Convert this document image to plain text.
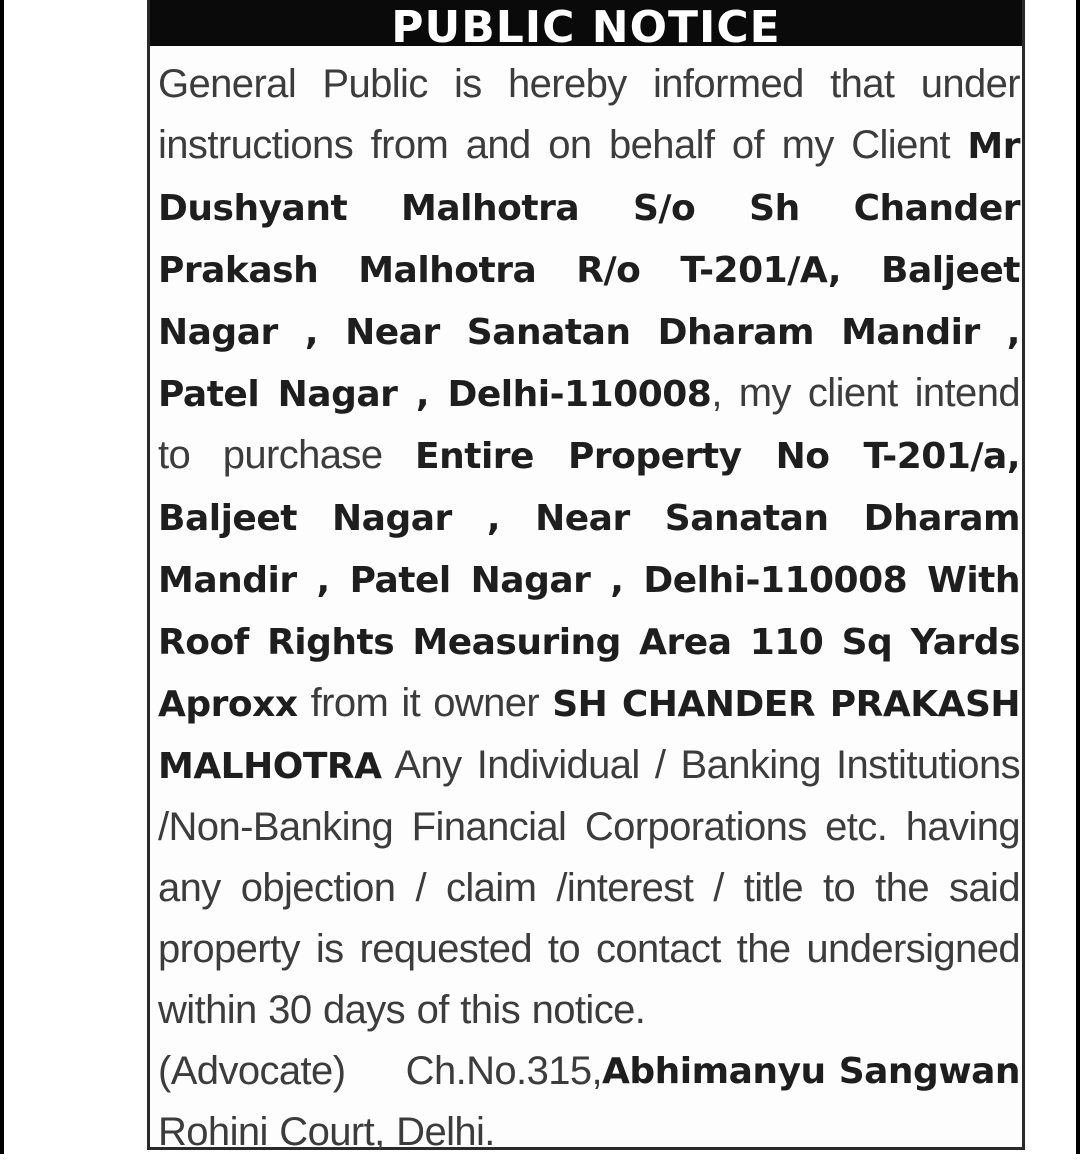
PUBLIC NOTICE
General Public is hereby informed that under instructions from and on behalf of my Client Mr Dushyant Malhotra S/o Sh Chander Prakash Malhotra R/o T-201/A, Baljeet Nagar , Near Sanatan Dharam Mandir , Patel Nagar , Delhi-110008, my client intend to purchase Entire Property No T-201/a, Baljeet Nagar , Near Sanatan Dharam Mandir , Patel Nagar , Delhi-110008 With Roof Rights Measuring Area 110 Sq Yards Aproxx from it owner SH CHANDER PRAKASH MALHOTRA Any Individual / Banking Institutions /Non-Banking Financial Corporations etc. having any objection / claim /interest / title to the said property is requested to contact the undersigned within 30 days of this notice.
Abhimanyu Sangwan

(Advocate) Ch.No.315, Rohini Court, Delhi.
